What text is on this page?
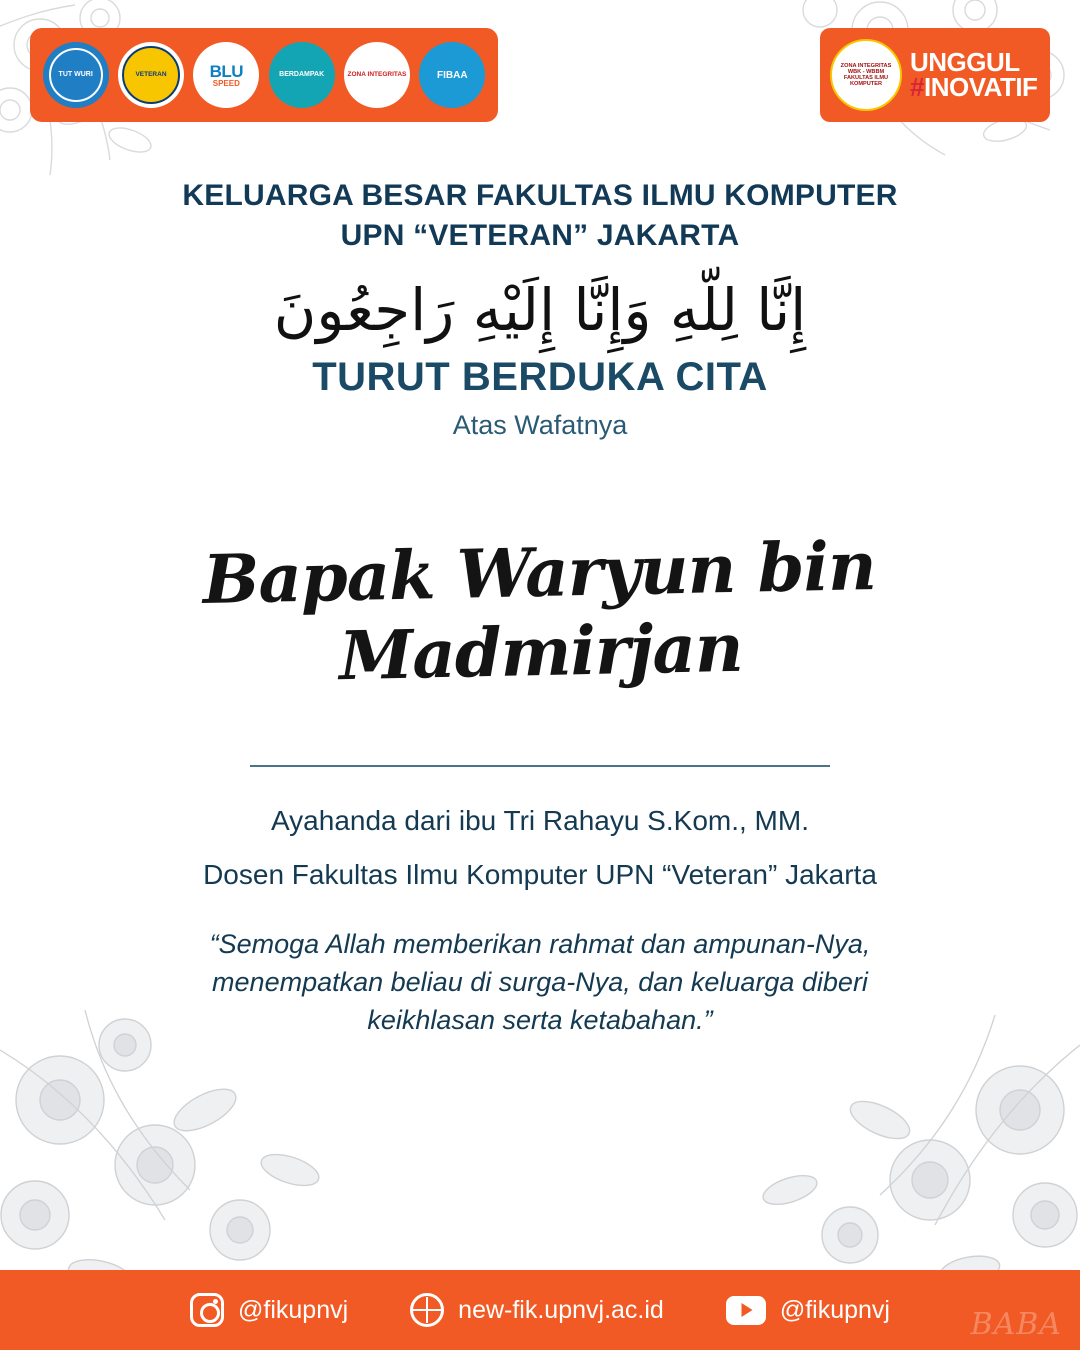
TUT WURI	VETERAN	BLU
SPEED
BERDAMPAK	ZONA INTEGRITAS	FIBAA
ZONA INTEGRITAS WBK - WBBM FAKULTAS ILMU KOMPUTER
UNGGUL
#INOVATIF
KELUARGA BESAR FAKULTAS ILMU KOMPUTER
UPN “VETERAN” JAKARTA
إِنَّا لِلّهِ وَإِنَّا إِلَيْهِ رَاجِعُونَ
TURUT BERDUKA CITA
Atas Wafatnya
Bapak Waryun bin Madmirjan
Ayahanda dari ibu Tri Rahayu S.Kom., MM.
Dosen Fakultas Ilmu Komputer UPN “Veteran” Jakarta
“Semoga Allah memberikan rahmat dan ampunan-Nya, menempatkan beliau di surga-Nya, dan keluarga diberi keikhlasan serta ketabahan.”
@fikupnvj	new-fik.upnvj.ac.id	@fikupnvj	BABA
